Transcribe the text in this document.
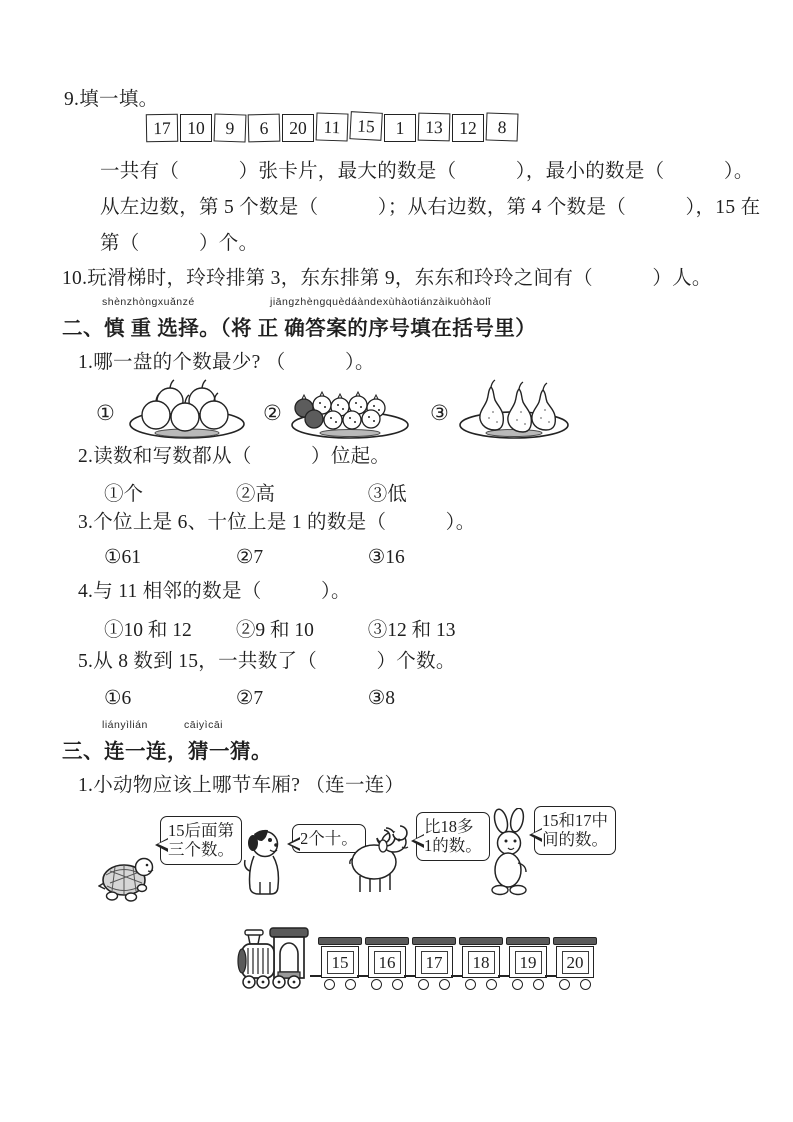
9.填一填。
17 10	9	6	20 11 15	1	13 12	8
一共有（　　　）张卡片，最大的数是（　　　），最小的数是（　　　）。
从左边数，第 5 个数是（　　　）；从右边数，第 4 个数是（　　　），15 在
第（　　　）个。
10.玩滑梯时，玲玲排第 3，东东排第 9，东东和玲玲之间有（　　　）人。
shènzhòngxuǎnzé	jiāngzhèngquèdáàndexùhàotiánzàikuòhàolǐ
二、慎 重 选择。（将 正 确答案的序号填在括号里）
1.哪一盘的个数最少? （　　　）。
①	②	③
2.读数和写数都从（　　　）位起。
①个	②高	③低
3.个位上是 6、十位上是 1 的数是（　　　）。
①61	②7	③16
4.与 11 相邻的数是（　　　）。
①10 和 12 ②9 和 10	③12 和 13
5.从 8 数到 15，一共数了（　　　）个数。
①6	②7	③8
liányìlián	cāiyìcāi
三、连一连，猜一猜。
1.小动物应该上哪节车厢? （连一连）
15后面第
三个数。
2个十。
比18多
1的数。
15和17中
间的数。
15 16 17 18 19 20
